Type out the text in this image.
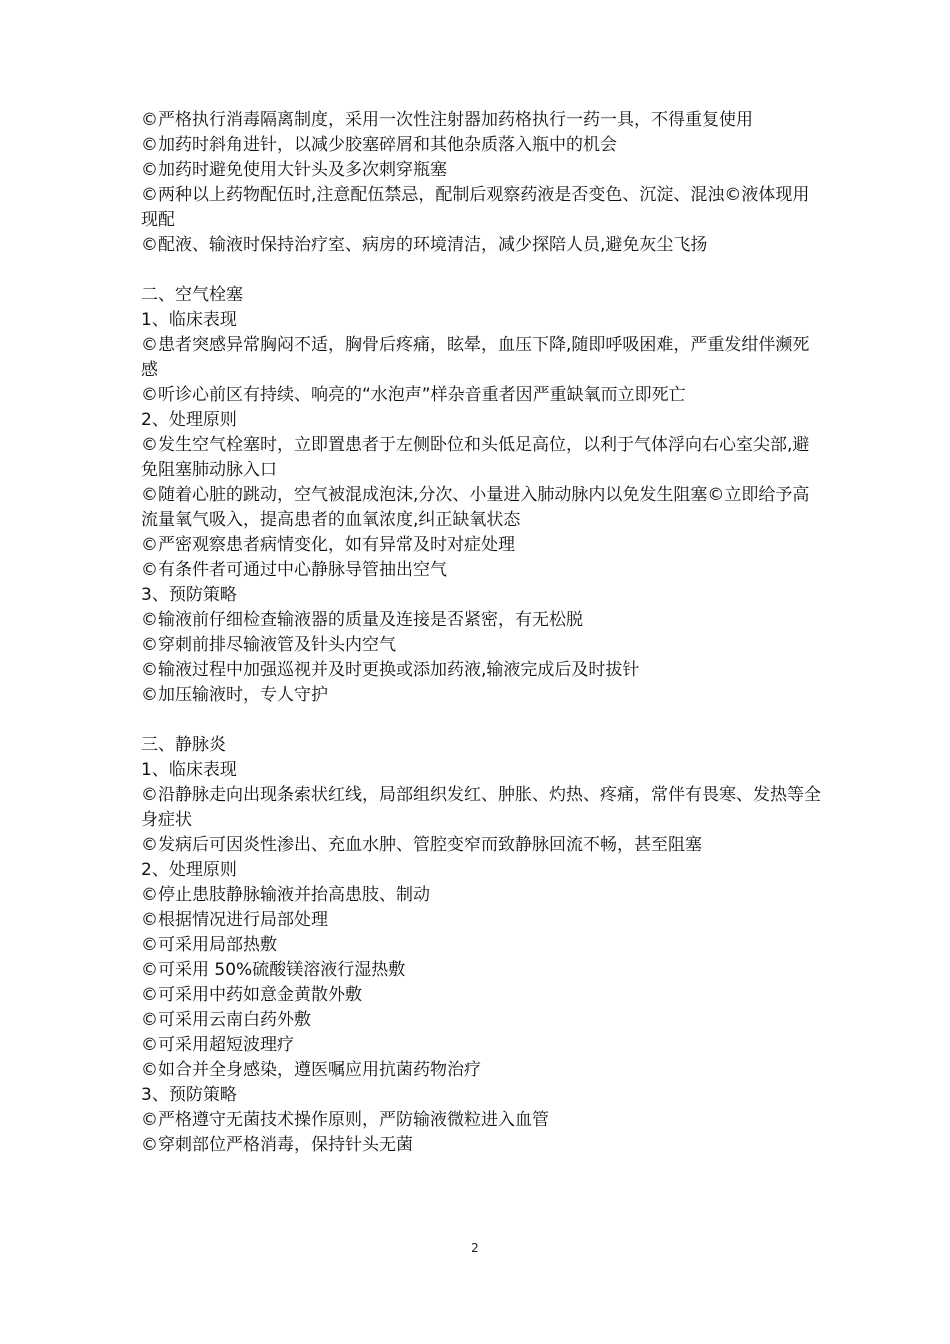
©严格执行消毒隔离制度，采用一次性注射器加药格执行一药一具，不得重复使用

©加药时斜角进针，以减少胶塞碎屑和其他杂质落入瓶中的机会

©加药时避免使用大针头及多次刺穿瓶塞

©两种以上药物配伍时,注意配伍禁忌，配制后观察药液是否变色、沉淀、混浊©液体现用现配

©配液、输液时保持治疗室、病房的环境清洁，减少探陪人员,避免灰尘飞扬

二、空气栓塞

1、临床表现

©患者突感异常胸闷不适，胸骨后疼痛，眩晕，血压下降,随即呼吸困难，严重发绀伴濒死感

©听诊心前区有持续、响亮的“水泡声”样杂音重者因严重缺氧而立即死亡

2、处理原则

©发生空气栓塞时，立即置患者于左侧卧位和头低足高位，以利于气体浮向右心室尖部,避免阻塞肺动脉入口

©随着心脏的跳动，空气被混成泡沫,分次、小量进入肺动脉内以免发生阻塞©立即给予高流量氧气吸入，提高患者的血氧浓度,纠正缺氧状态

©严密观察患者病情变化，如有异常及时对症处理

©有条件者可通过中心静脉导管抽出空气

3、预防策略

©输液前仔细检查输液器的质量及连接是否紧密，有无松脱

©穿刺前排尽输液管及针头内空气

©输液过程中加强巡视并及时更换或添加药液,输液完成后及时拔针

©加压输液时，专人守护

三、静脉炎

1、临床表现

©沿静脉走向出现条索状红线，局部组织发红、肿胀、灼热、疼痛，常伴有畏寒、发热等全身症状

©发病后可因炎性渗出、充血水肿、管腔变窄而致静脉回流不畅，甚至阻塞

2、处理原则

©停止患肢静脉输液并抬高患肢、制动

©根据情况进行局部处理

©可采用局部热敷

©可采用 50%硫酸镁溶液行湿热敷

©可采用中药如意金黄散外敷

©可采用云南白药外敷

©可采用超短波理疗

©如合并全身感染，遵医嘱应用抗菌药物治疗

3、预防策略

©严格遵守无菌技术操作原则，严防输液微粒进入血管

©穿刺部位严格消毒，保持针头无菌

2
